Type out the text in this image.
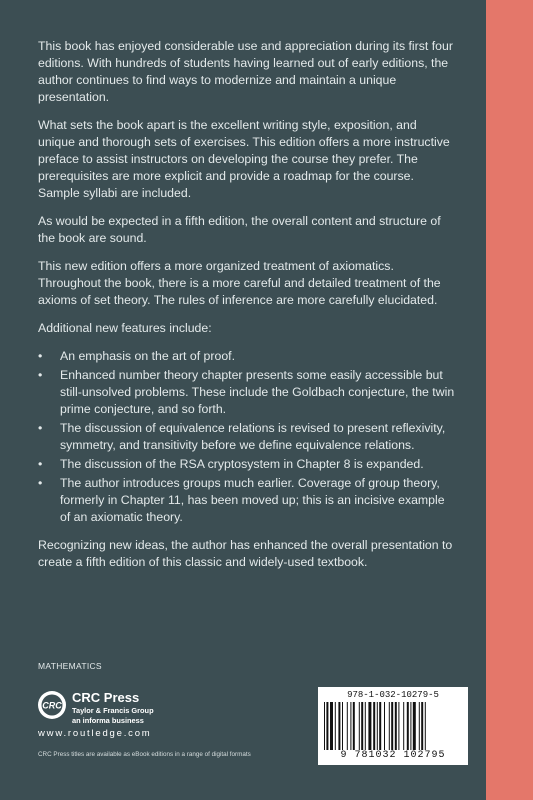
This book has enjoyed considerable use and appreciation during its first four editions. With hundreds of students having learned out of early editions, the author continues to find ways to modernize and maintain a unique presentation.

What sets the book apart is the excellent writing style, exposition, and unique and thorough sets of exercises. This edition offers a more instructive preface to assist instructors on developing the course they prefer. The prerequisites are more explicit and provide a roadmap for the course. Sample syllabi are included.

As would be expected in a fifth edition, the overall content and structure of the book are sound.

This new edition offers a more organized treatment of axiomatics. Throughout the book, there is a more careful and detailed treatment of the axioms of set theory. The rules of inference are more carefully elucidated.

Additional new features include:

• An emphasis on the art of proof.
• Enhanced number theory chapter presents some easily accessible but still-unsolved problems. These include the Goldbach conjecture, the twin prime conjecture, and so forth.
• The discussion of equivalence relations is revised to present reflexivity, symmetry, and transitivity before we define equivalence relations.
• The discussion of the RSA cryptosystem in Chapter 8 is expanded.
• The author introduces groups much earlier. Coverage of group theory, formerly in Chapter 11, has been moved up; this is an incisive example of an axiomatic theory.

Recognizing new ideas, the author has enhanced the overall presentation to create a fifth edition of this classic and widely-used textbook.

MATHEMATICS
CRC
CRC Press
Taylor & Francis Group
an informa business
www.routledge.com
CRC Press titles are available as eBook editions in a range of digital formats
978-1-032-10279-5
9 781032 102795
